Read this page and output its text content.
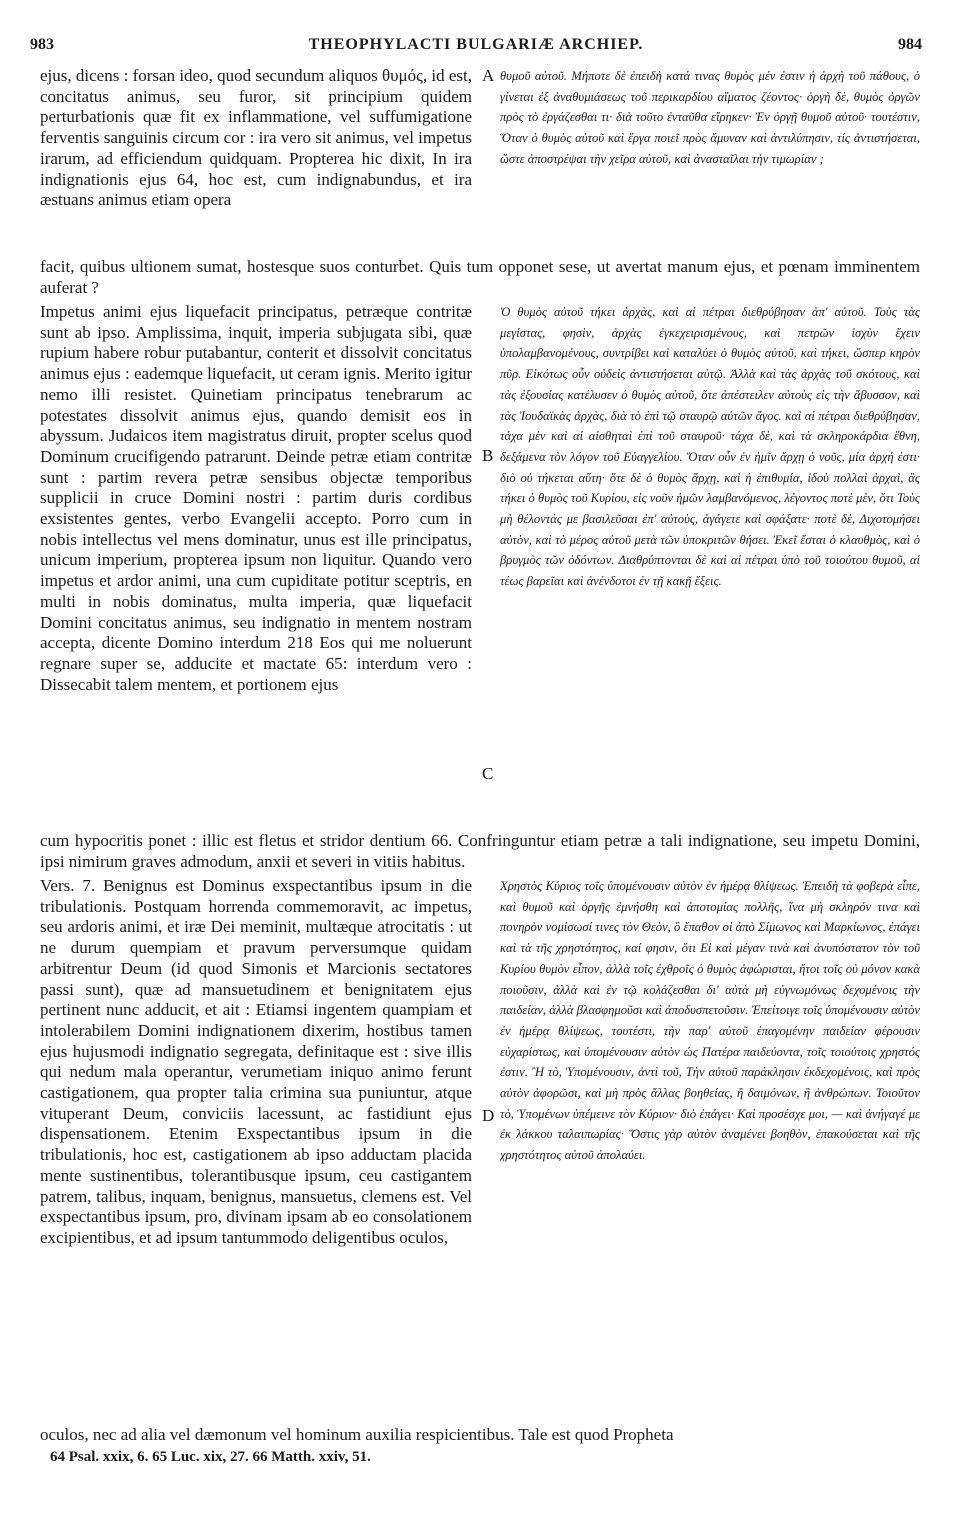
983	THEOPHYLACTI BULGARIÆ ARCHIEP.	984

ejus, dicens : forsan ideo, quod secundum aliquos θυμός, id est, concitatus animus, seu furor, sit principium quidem perturbationis quæ fit ex inflammatione, vel suffumigatione ferventis sanguinis circum cor : ira vero sit animus, vel impetus irarum, ad efficiendum quidquam. Propterea hic dixit, In ira indignationis ejus 64, hoc est, cum indignabundus, et ira æstuans animus etiam opera

A θυμοῦ αὐτοῦ. Μήποτε δὲ ἐπειδὴ κατά τινας θυμὸς μέν ἐστιν ἡ ἀρχὴ τοῦ πάθους, ὁ γίνεται ἐξ ἀναθυμιάσεως τοῦ περικαρδίου αἵματος ζέοντος· ὀργὴ δὲ, θυμὸς ὀργῶν πρὸς τὸ ἐργάζεσθαι τι· διὰ τοῦτο ἐνταῦθα εἴρηκεν· Ἐν ὀργῇ θυμοῦ αὐτοῦ· τουτέστιν, Ὅταν ὁ θυμὸς αὐτοῦ καὶ ἔργα ποιεῖ πρὸς ἄμυναν καὶ ἀντιλύπησιν, τίς ἀντιστήσεται, ὥστε ἀποστρέψαι τὴν χεῖρα αὐτοῦ, καὶ ἀνασταῖλαι τὴν τιμωρίαν ;

facit, quibus ultionem sumat, hostesque suos conturbet. Quis tum opponet sese, ut avertat manum ejus, et pœnam imminentem auferat ?

Impetus animi ejus liquefacit principatus, petræque contritæ sunt ab ipso. Amplissima, inquit, imperia subjugata sibi, quæ rupium habere robur putabantur, conterit et dissolvit concitatus animus ejus : eademque liquefacit, ut ceram ignis. Merito igitur nemo illi resistet. Quinetiam principatus tenebrarum ac potestates dissolvit animus ejus, quando demisit eos in abyssum. Judaicos item magistratus diruit, propter scelus quod Dominum crucifigendo patrarunt. Deinde petræ etiam contritæ sunt : partim revera petræ sensibus objectæ temporibus supplicii in cruce Domini nostri : partim duris cordibus exsistentes gentes, verbo Evangelii accepto. Porro cum in nobis intellectus vel mens dominatur, unus est ille principatus, unicum imperium, propterea ipsum non liquitur. Quando vero impetus et ardor animi, una cum cupiditate potitur sceptris, en multi in nobis dominatus, multa imperia, quæ liquefacit Domini concitatus animus, seu indignatio in mentem nostram accepta, dicente Domino interdum 218 Eos qui me noluerunt regnare super se, adducite et mactate 65: interdum vero : Dissecabit talem mentem, et portionem ejus

B
C

Ὁ θυμὸς αὐτοῦ τήκει ἀρχὰς, καὶ αἱ πέτραι διεθρύβησαν ἀπ' αὐτοῦ. Τοὺς τὰς μεγίστας, φησὶν, ἀρχὰς ἐγκεχειρισμένους, καὶ πετρῶν ἰσχὺν ἔχειν ὑπολαμβανομένους, συντρίβει καὶ καταλύει ὁ θυμὸς αὐτοῦ, καὶ τήκει, ὥσπερ κηρὸν πῦρ. Εἰκότως οὖν οὐδεὶς ἀντιστήσεται αὐτῷ. Ἀλλὰ καὶ τὰς ἀρχὰς τοῦ σκότους, καὶ τὰς ἐξουσίας κατέλυσεν ὁ θυμὸς αὐτοῦ, ὅτε ἀπέστειλεν αὐτοὺς εἰς τὴν ἄβυσσον, καὶ τὰς Ἰουδαϊκὰς ἀρχὰς, διὰ τὸ ἐπὶ τῷ σταυρῷ αὐτῶν ἄγος. καὶ αἱ πέτραι διεθρύβησαν, τάχα μὲν καὶ αἱ αἰσθηταὶ ἐπὶ τοῦ σταυροῦ· τάχα δὲ, καὶ τὰ σκληροκάρδια ἔθνη, δεξάμενα τὸν λόγον τοῦ Εὐαγγελίου. Ὅταν οὖν ἐν ἡμῖν ἄρχῃ ὁ νοῦς, μία ἀρχή ἐστι· διὸ οὐ τήκεται αὕτη· ὅτε δὲ ὁ θυμὸς ἄρχῃ, καὶ ἡ ἐπιθυμία, ἰδοὺ πολλαὶ ἀρχαὶ, ἃς τήκει ὁ θυμὸς τοῦ Κυρίου, εἰς νοῦν ἡμῶν λαμβανόμενος, λέγοντος ποτὲ μὲν, ὅτι Τοὺς μὴ θέλοντάς με βασιλεῦσαι ἐπ' αὐτοὺς, ἀγάγετε καὶ σφάξατε· ποτὲ δὲ, Διχοτομήσει αὐτὸν, καὶ τὸ μέρος αὐτοῦ μετὰ τῶν ὑποκριτῶν θήσει. Ἐκεῖ ἔσται ὁ κλαυθμὸς, καὶ ὁ βρυγμὸς τῶν ὀδόντων. Διαθρύπτονται δὲ καὶ αἱ πέτραι ὑπὸ τοῦ τοιούτου θυμοῦ, αἱ τέως βαρεῖαι καὶ ἀνένδοτοι ἐν τῇ κακῇ ἕξεις.

cum hypocritis ponet : illic est fletus et stridor dentium 66. Confringuntur etiam petræ a tali indignatione, seu impetu Domini, ipsi nimirum graves admodum, anxii et severi in vitiis habitus.

Vers. 7. Benignus est Dominus exspectantibus ipsum in die tribulationis. Postquam horrenda commemoravit, ac impetus, seu ardoris animi, et iræ Dei meminit, multæque atrocitatis : ut ne durum quempiam et pravum perversumque quidam arbitrentur Deum (id quod Simonis et Marcionis sectatores passi sunt), quæ ad mansuetudinem et benignitatem ejus pertinent nunc adducit, et ait : Etiamsi ingentem quampiam et intolerabilem Domini indignationem dixerim, hostibus tamen ejus hujusmodi indignatio segregata, definitaque est : sive illis qui nedum mala operantur, verumetiam iniquo animo ferunt castigationem, qua propter talia crimina sua puniuntur, atque vituperant Deum, conviciis lacessunt, ac fastidiunt ejus dispensationem. Etenim Exspectantibus ipsum in die tribulationis, hoc est, castigationem ab ipso adductam placida mente sustinentibus, tolerantibusque ipsum, ceu castigantem patrem, talibus, inquam, benignus, mansuetus, clemens est. Vel exspectantibus ipsum, pro, divinam ipsam ab eo consolationem excipientibus, et ad ipsum tantummodo deligentibus oculos,

D

Χρηστὸς Κύριος τοῖς ὑπομένουσιν αὐτὸν ἐν ἡμέρᾳ θλίψεως. Ἐπειδὴ τὰ φοβερὰ εἶπε, καὶ θυμοῦ καὶ ὀργῆς ἐμνήσθη καὶ ἀποτομίας πολλῆς, ἵνα μὴ σκληρόν τινα καὶ πονηρὸν νομίσωσί τινες τὸν Θεὸν, ὃ ἔπαθον οἱ ἀπὸ Σίμωνος καὶ Μαρκίωνος, ἐπάγει καὶ τὰ τῆς χρηστότητος, καί φησιν, ὅτι Εἰ καὶ μέγαν τινὰ καὶ ἀνυπόστατον τὸν τοῦ Κυρίου θυμὸν εἶπον, ἀλλὰ τοῖς ἐχθροῖς ὁ θυμὸς ἀφώρισται, ἤτοι τοῖς οὐ μόνον κακὰ ποιοῦσιν, ἀλλὰ καὶ ἐν τῷ κολάζεσθαι δι' αὐτὰ μὴ εὐγνωμόνως δεχομένοις τὴν παιδείαν, ἀλλὰ βλασφημοῦσι καὶ ἀποδυσπετοῦσιν. Ἐπείτοιγε τοῖς ὑπομένουσιν αὐτὸν ἐν ἡμέρᾳ θλίψεως, τουτέστι, τὴν παρ' αὐτοῦ ἐπαγομένην παιδείαν φέρουσιν εὐχαρίστως, καὶ ὑπομένουσιν αὐτὸν ὡς Πατέρα παιδεύοντα, τοῖς τοιούτοις χρηστός ἐστιν. Ἢ τὸ, Ὑπομένουσιν, ἀντὶ τοῦ, Τὴν αὐτοῦ παράκλησιν ἐκδεχομένοις, καὶ πρὸς αὐτὸν ἀφορῶσι, καὶ μὴ πρὸς ἄλλας βοηθείας, ἢ δαιμόνων, ἢ ἀνθρώπων. Τοιοῦτον τὸ, Ὑπομένων ὑπέμεινε τὸν Κύριον· διὸ ἐπάγει· Καὶ προσέσχε μοι, — καὶ ἀνήγαγέ με ἐκ λάκκου ταλαιπωρίας· Ὅστις γὰρ αὐτὸν ἀναμένει βοηθὸν, ἐπακούσεται καὶ τῆς χρηστότητος αὐτοῦ ἀπολαύει.

oculos, nec ad alia vel dæmonum vel hominum auxilia respicientibus. Tale est quod Propheta

64 Psal. xxix, 6. 65 Luc. xix, 27. 66 Matth. xxiv, 51.
